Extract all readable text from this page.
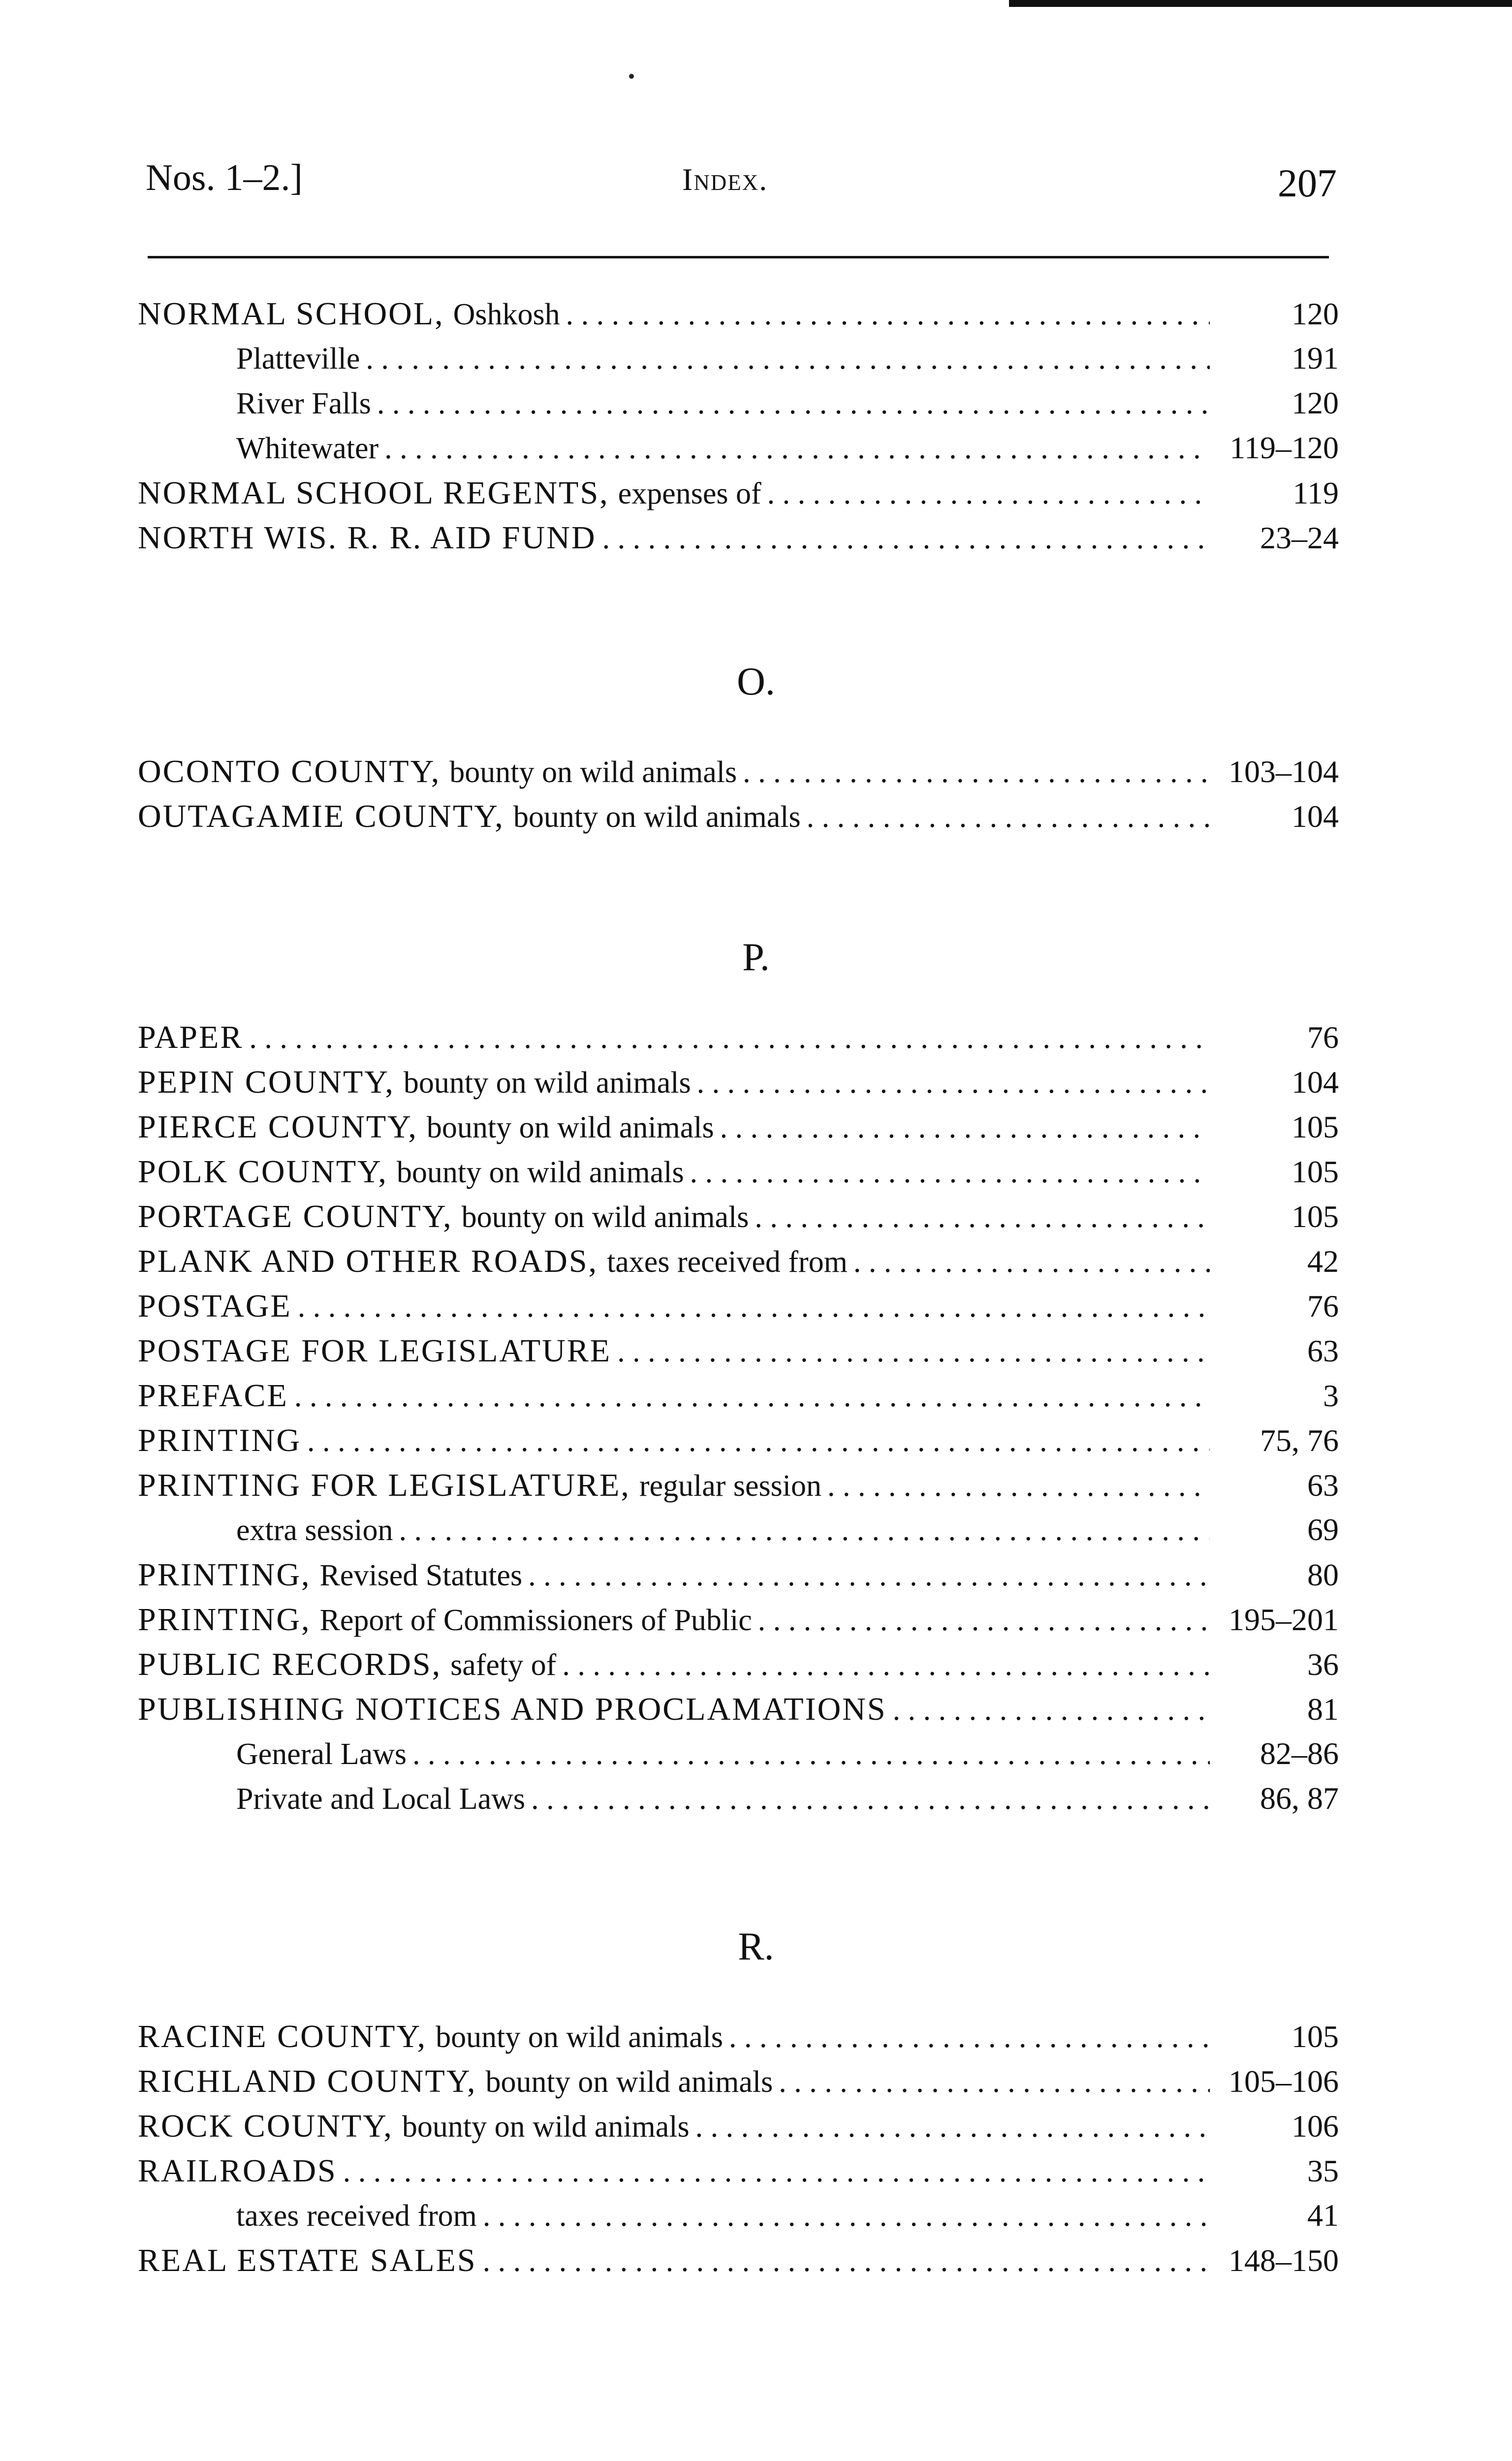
Nos. 1–2.]	Index.	207
NORMAL SCHOOL, Oshkosh . . .	120
Platteville . . .	191
River Falls . . .	120
Whitewater . . .	119–120
NORMAL SCHOOL REGENTS, expenses of . . .	119
NORTH WIS. R. R. AID FUND . . .	23–24
O.
OCONTO COUNTY, bounty on wild animals . . .	103–104
OUTAGAMIE COUNTY, bounty on wild animals . . .	104
P.
PAPER . . .	76
PEPIN COUNTY, bounty on wild animals . . .	104
PIERCE COUNTY, bounty on wild animals . . .	105
POLK COUNTY, bounty on wild animals . . .	105
PORTAGE COUNTY, bounty on wild animals . . .	105
PLANK AND OTHER ROADS, taxes received from . . .	42
POSTAGE . . .	76
POSTAGE FOR LEGISLATURE . . .	63
PREFACE . . .	3
PRINTING . . .	75, 76
PRINTING FOR LEGISLATURE, regular session . . .	63
extra session . . .	69
PRINTING, Revised Statutes . . .	80
PRINTING, Report of Commissioners of Public . . .	195–201
PUBLIC RECORDS, safety of . . .	36
PUBLISHING NOTICES AND PROCLAMATIONS . . .	81
General Laws . . .	82–86
Private and Local Laws . . .	86, 87
R.
RACINE COUNTY, bounty on wild animals . . .	105
RICHLAND COUNTY, bounty on wild animals . . .	105–106
ROCK COUNTY, bounty on wild animals . . .	106
RAILROADS . . .	35
taxes received from . . .	41
REAL ESTATE SALES . . .	148–150
